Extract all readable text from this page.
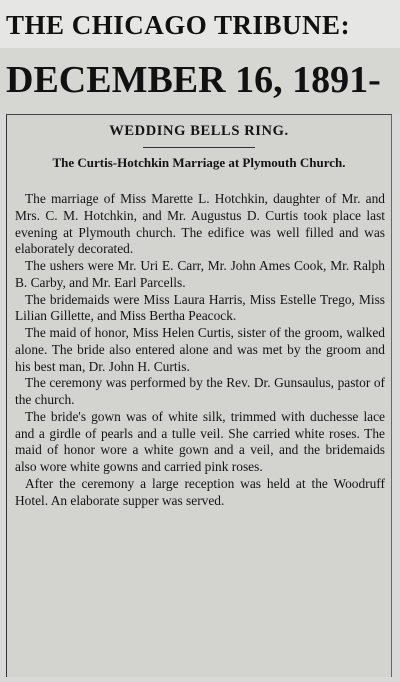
THE CHICAGO TRIBUNE:
DECEMBER 16, 1891-
WEDDING BELLS RING.
The Curtis-Hotchkin Marriage at Plymouth Church.

The marriage of Miss Marette L. Hotchkin, daughter of Mr. and Mrs. C. M. Hotchkin, and Mr. Augustus D. Curtis took place last evening at Plymouth church. The edifice was well filled and was elaborately decorated.

The ushers were Mr. Uri E. Carr, Mr. John Ames Cook, Mr. Ralph B. Carby, and Mr. Earl Parcells.

The bridemaids were Miss Laura Harris, Miss Estelle Trego, Miss Lilian Gillette, and Miss Bertha Peacock.

The maid of honor, Miss Helen Curtis, sister of the groom, walked alone. The bride also entered alone and was met by the groom and his best man, Dr. John H. Curtis.

The ceremony was performed by the Rev. Dr. Gunsaulus, pastor of the church.

The bride's gown was of white silk, trimmed with duchesse lace and a girdle of pearls and a tulle veil. She carried white roses. The maid of honor wore a white gown and a veil, and the bridemaids also wore white gowns and carried pink roses.

After the ceremony a large reception was held at the Woodruff Hotel. An elaborate supper was served.
